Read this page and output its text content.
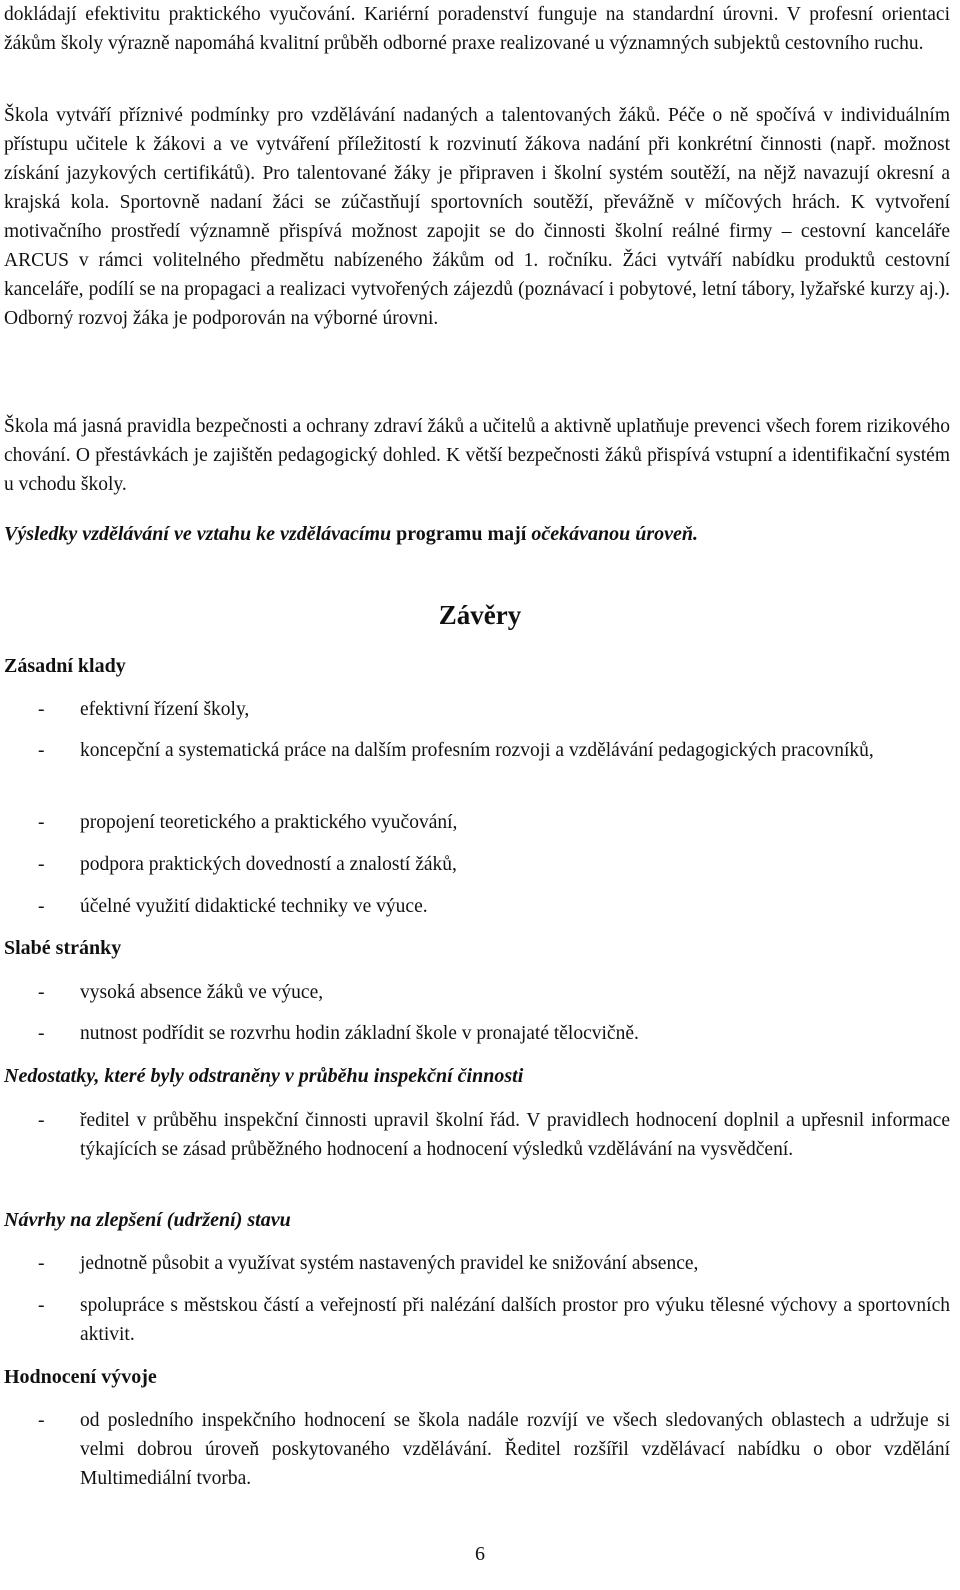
dokládají efektivitu praktického vyučování. Kariérní poradenství funguje na standardní úrovni. V profesní orientaci žákům školy výrazně napomáhá kvalitní průběh odborné praxe realizované u významných subjektů cestovního ruchu.

Škola vytváří příznivé podmínky pro vzdělávání nadaných a talentovaných žáků. Péče o ně spočívá v individuálním přístupu učitele k žákovi a ve vytváření příležitostí k rozvinutí žákova nadání při konkrétní činnosti (např. možnost získání jazykových certifikátů). Pro talentované žáky je připraven i školní systém soutěží, na nějž navazují okresní a krajská kola. Sportovně nadaní žáci se zúčastňují sportovních soutěží, převážně v míčových hrách. K vytvoření motivačního prostředí významně přispívá možnost zapojit se do činnosti školní reálné firmy – cestovní kanceláře ARCUS v rámci volitelného předmětu nabízeného žákům od 1. ročníku. Žáci vytváří nabídku produktů cestovní kanceláře, podílí se na propagaci a realizaci vytvořených zájezdů (poznávací i pobytové, letní tábory, lyžařské kurzy aj.). Odborný rozvoj žáka je podporován na výborné úrovni.

Škola má jasná pravidla bezpečnosti a ochrany zdraví žáků a učitelů a aktivně uplatňuje prevenci všech forem rizikového chování. O přestávkách je zajištěn pedagogický dohled. K větší bezpečnosti žáků přispívá vstupní a identifikační systém u vchodu školy.

Výsledky vzdělávání ve vztahu ke vzdělávacímu programu mají očekávanou úroveň.

Závěry
Zásadní klady
- efektivní řízení školy,
- koncepční a systematická práce na dalším profesním rozvoji a vzdělávání pedagogických pracovníků,
- propojení teoretického a praktického vyučování,
- podpora praktických dovedností a znalostí žáků,
- účelné využití didaktické techniky ve výuce.
Slabé stránky
- vysoká absence žáků ve výuce,
- nutnost podřídit se rozvrhu hodin základní škole v pronajaté tělocvičně.
Nedostatky, které byly odstraněny v průběhu inspekční činnosti
- ředitel v průběhu inspekční činnosti upravil školní řád. V pravidlech hodnocení doplnil a upřesnil informace týkajících se zásad průběžného hodnocení a hodnocení výsledků vzdělávání na vysvědčení.
Návrhy na zlepšení (udržení) stavu
- jednotně působit a využívat systém nastavených pravidel ke snižování absence,
- spolupráce s městskou částí a veřejností při nalézání dalších prostor pro výuku tělesné výchovy a sportovních aktivit.
Hodnocení vývoje
- od posledního inspekčního hodnocení se škola nadále rozvíjí ve všech sledovaných oblastech a udržuje si velmi dobrou úroveň poskytovaného vzdělávání. Ředitel rozšířil vzdělávací nabídku o obor vzdělání Multimediální tvorba.
6
